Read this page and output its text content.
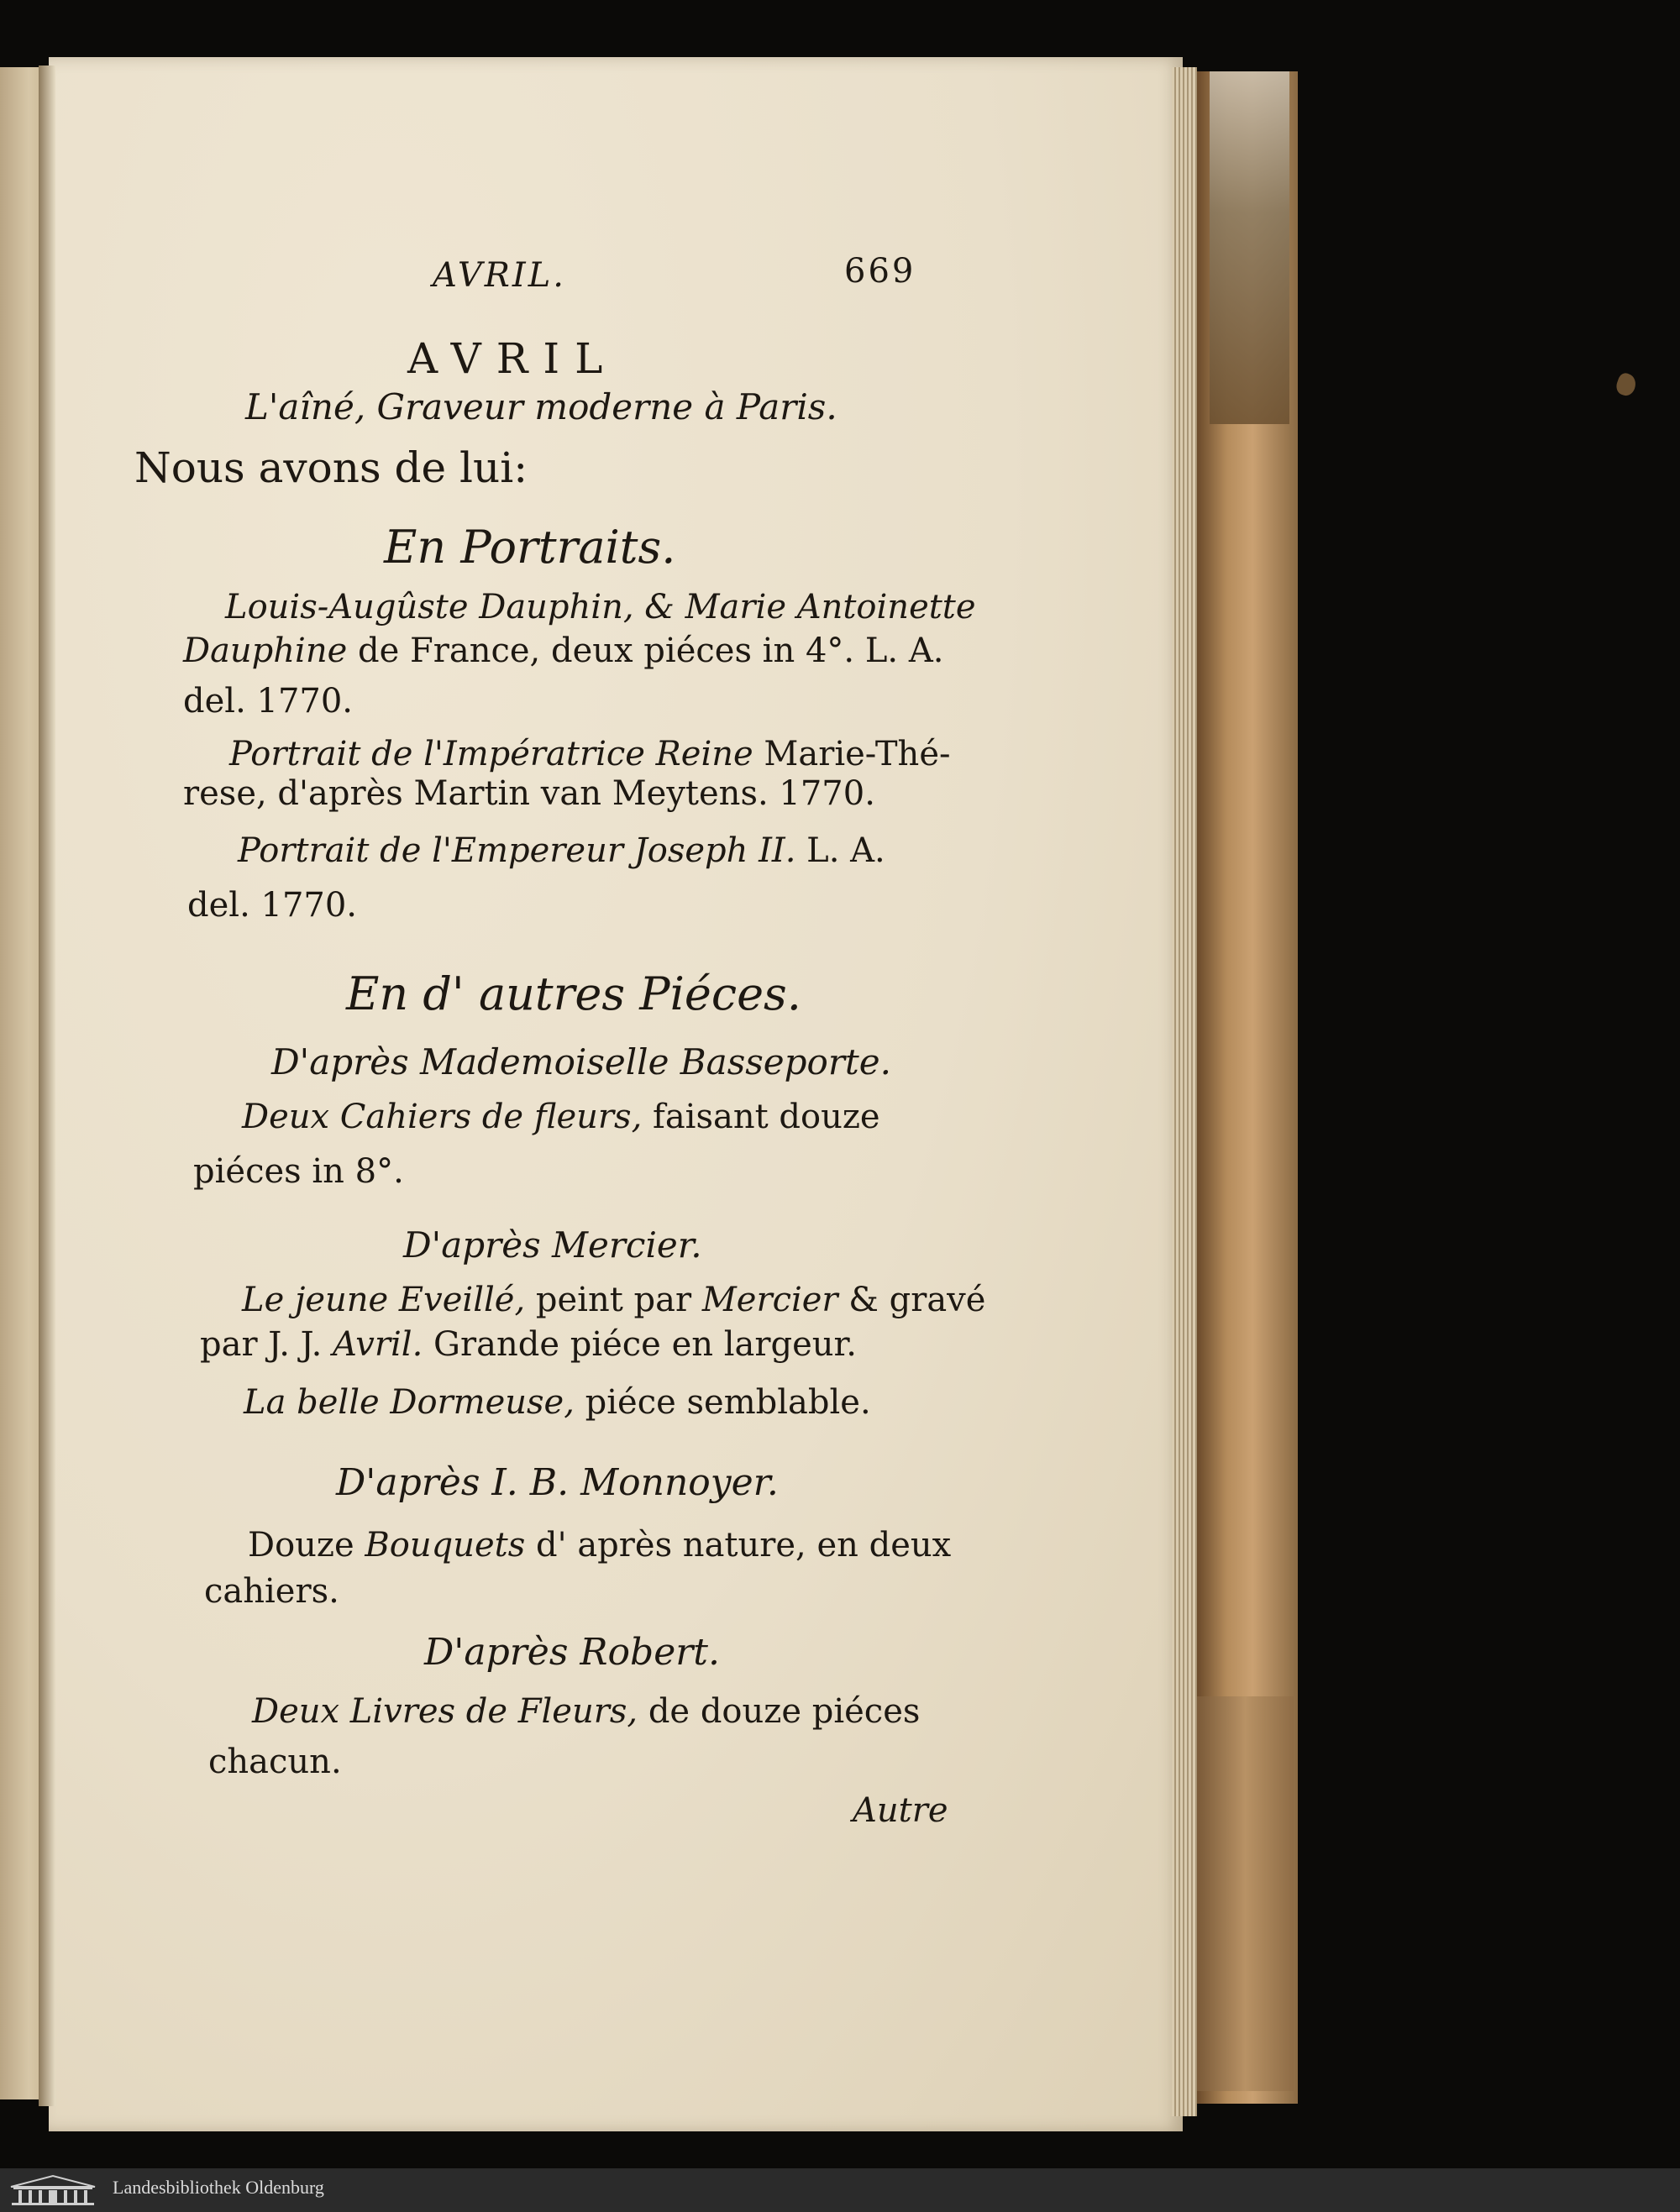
AVRIL.	669
AVRIL
L'aîné, Graveur moderne à Paris.
Nous avons de lui:
En Portraits.
Louis-Augûste Dauphin, & Marie Antoinette
Dauphine de France, deux piéces in 4°. L. A.
del. 1770.
Portrait de l'Impératrice Reine Marie-Thé-
rese, d'après Martin van Meytens. 1770.
Portrait de l'Empereur Joseph II. L. A.
del. 1770.
En d' autres Piéces.
D'après Mademoiselle Basseporte.
Deux Cahiers de fleurs, faisant douze
piéces in 8°.
D'après Mercier.
Le jeune Eveillé, peint par Mercier & gravé
par J. J. Avril. Grande piéce en largeur.
La belle Dormeuse, piéce semblable.
D'après I. B. Monnoyer.
Douze Bouquets d' après nature, en deux
cahiers.
D'après Robert.
Deux Livres de Fleurs, de douze piéces
chacun.
Autre
Landesbibliothek Oldenburg
